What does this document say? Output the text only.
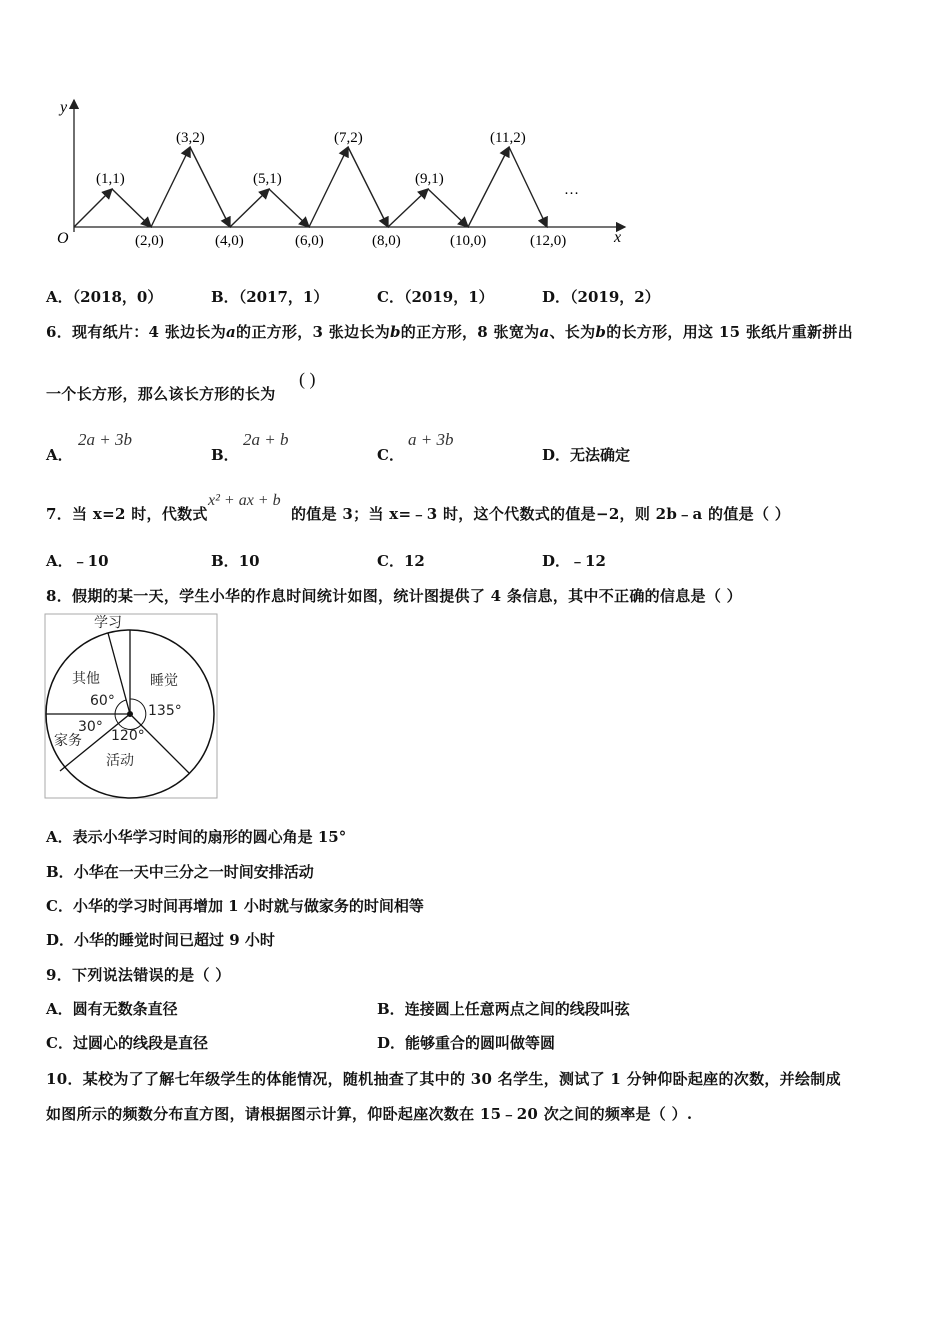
y
x
O
(1,1)
(3,2)
(5,1)
(7,2)
(9,1)
(11,2)
(2,0)	(4,0)	(6,0)	(8,0)	(10,0)	(12,0)
…
A．（2018，0）	B．（2017，1）	C．（2019，1）	D．（2019，2）
6．现有纸片：4 张边长为a的正方形，3 张边长为b的正方形，8 张宽为a、长为b的长方形，用这 15 张纸片重新拼出
一个长方形，那么该长方形的长为
( )
A．
2a + 3b
B．
2a + b
C．
a + 3b
D．无法确定
7．当 x=2 时，代数式
x² + ax + b
的值是 3；当 x=﹣3 时，这个代数式的值是−2，则 2b﹣a 的值是（ ）
A．﹣10	B．10	C．12	D．﹣12
8．假期的某一天，学生小华的作息时间统计如图，统计图提供了 4 条信息，其中不正确的信息是（ ）
学习
其他
60°
睡觉
135°
30°
家务 120°
活动
A．表示小华学习时间的扇形的圆心角是 15°
B．小华在一天中三分之一时间安排活动
C．小华的学习时间再增加 1 小时就与做家务的时间相等
D．小华的睡觉时间已超过 9 小时
9．下列说法错误的是（ ）
A．圆有无数条直径	B．连接圆上任意两点之间的线段叫弦
C．过圆心的线段是直径	D．能够重合的圆叫做等圆
10．某校为了了解七年级学生的体能情况，随机抽查了其中的 30 名学生，测试了 1 分钟仰卧起座的次数，并绘制成
如图所示的频数分布直方图，请根据图示计算，仰卧起座次数在 15﹣20 次之间的频率是（ ）.
